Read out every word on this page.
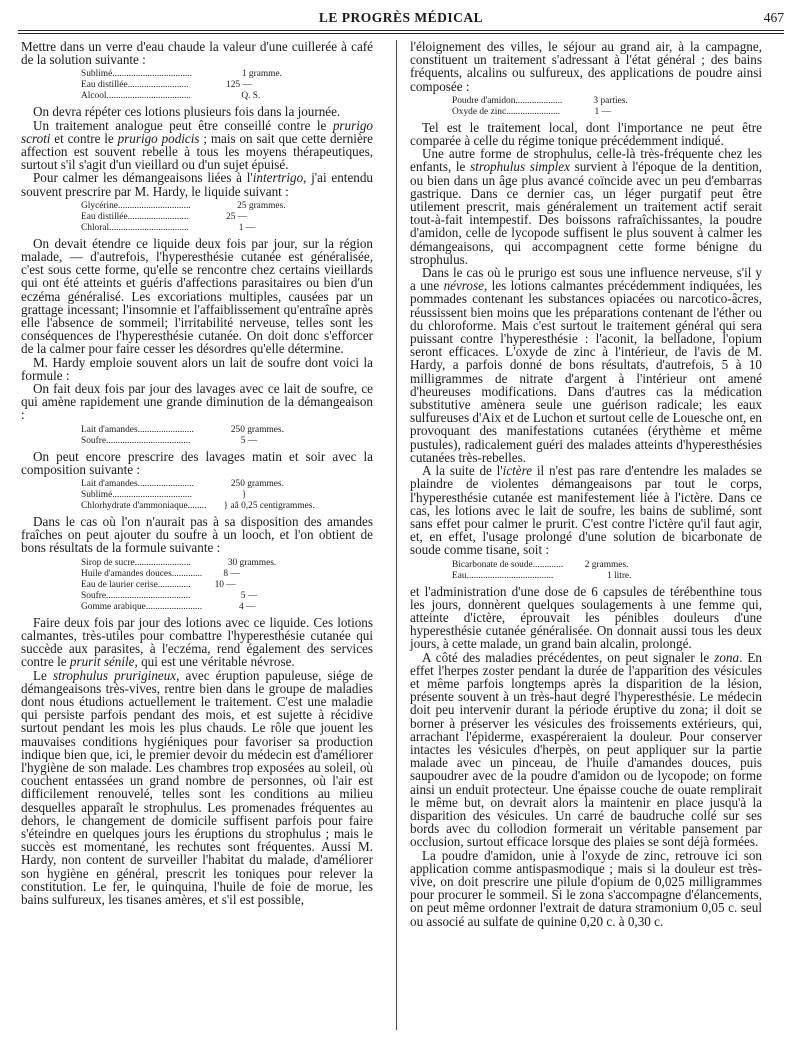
LE PROGRÈS MÉDICAL	467

Mettre dans un verre d'eau chaude la valeur d'une cuillerée à café de la solution suivante :

Sublimé ..................................	1 gramme.
Eau distillée ..........................	125 —
Alcool ....................................	Q. S.

On devra répéter ces lotions plusieurs fois dans la journée.

Un traitement analogue peut être conseillé contre le prurigo scroti et contre le prurigo podicis ; mais on sait que cette dernière affection est souvent rebelle à tous les moyens thérapeutiques, surtout s'il s'agit d'un vieillard ou d'un sujet épuisé.

Pour calmer les démangeaisons liées à l'intertrigo, j'ai entendu souvent prescrire par M. Hardy, le liquide suivant :

Glycérine ...............................	25 grammes.
Eau distillée ..........................	25 —
Chloral ..................................	1 —

On devait étendre ce liquide deux fois par jour, sur la région malade, — d'autrefois, l'hyperesthésie cutanée est généralisée, c'est sous cette forme, qu'elle se rencontre chez certains vieillards qui ont été atteints et guéris d'affections parasitaires ou bien d'un eczéma généralisé. Les excoriations multiples, causées par un grattage incessant; l'insomnie et l'affaiblissement qu'entraîne après elle l'absence de sommeil; l'irritabilité nerveuse, telles sont les conséquences de l'hyperesthésie cutanée. On doit donc s'efforcer de la calmer pour faire cesser les désordres qu'elle détermine.

M. Hardy emploie souvent alors un lait de soufre dont voici la formule :

On fait deux fois par jour des lavages avec ce lait de soufre, ce qui amène rapidement une grande diminution de la démangeaison :

Lait d'amandes ........................	250 grammes.
Soufre ....................................	5 —

On peut encore prescrire des lavages matin et soir avec la composition suivante :

Lait d'amandes ........................	250 grammes.
Sublimé ..................................	}
Chlorhydrate d'ammoniaque ........	} aâ 0,25 centigrammes.

Dans le cas où l'on n'aurait pas à sa disposition des amandes fraîches on peut ajouter du soufre à un looch, et l'on obtient de bons résultats de la formule suivante :

Sirop de sucre ........................	30 grammes.
Huile d'amandes douces .............	8 —
Eau de laurier cerise ..............	10 —
Soufre ....................................	5 —
Gomme arabique ........................	4 —

Faire deux fois par jour des lotions avec ce liquide. Ces lotions calmantes, très-utiles pour combattre l'hyperesthésie cutanée qui succède aux parasites, à l'eczéma, rend également des services contre le prurit sénile, qui est une véritable névrose.

Le strophulus prurigineux, avec éruption papuleuse, siége de démangeaisons très-vives, rentre bien dans le groupe de maladies dont nous étudions actuellement le traitement. C'est une maladie qui persiste parfois pendant des mois, et est sujette à récidive surtout pendant les mois les plus chauds. Le rôle que jouent les mauvaises conditions hygiéniques pour favoriser sa production indique bien que, ici, le premier devoir du médecin est d'améliorer l'hygiène de son malade. Les chambres trop exposées au soleil, où couchent entassées un grand nombre de personnes, où l'air est difficilement renouvelé, telles sont les conditions au milieu desquelles apparaît le strophulus. Les promenades fréquentes au dehors, le changement de domicile suffisent parfois pour faire s'éteindre en quelques jours les éruptions du strophulus ; mais le succès est momentané, les rechutes sont fréquentes. Aussi M. Hardy, non content de surveiller l'habitat du malade, d'améliorer son hygiène en général, prescrit les toniques pour relever la constitution. Le fer, le quinquina, l'huile de foie de morue, les bains sulfureux, les tisanes amères, et s'il est possible,

l'éloignement des villes, le séjour au grand air, à la campagne, constituent un traitement s'adressant à l'état général ; des bains fréquents, alcalins ou sulfureux, des applications de poudre ainsi composée :

Poudre d'amidon ....................	3 parties.
Oxyde de zinc .......................	1 —

Tel est le traitement local, dont l'importance ne peut être comparée à celle du régime tonique précédemment indiqué.

Une autre forme de strophulus, celle-là très-fréquente chez les enfants, le strophulus simplex survient à l'époque de la dentition, ou bien dans un âge plus avancé coïncide avec un peu d'embarras gastrique. Dans ce dernier cas, un léger purgatif peut être utilement prescrit, mais généralement un traitement actif serait tout-à-fait intempestif. Des boissons rafraîchissantes, la poudre d'amidon, celle de lycopode suffisent le plus souvent à calmer les démangeaisons, qui accompagnent cette forme bénigne du strophulus.

Dans le cas où le prurigo est sous une influence nerveuse, s'il y a une névrose, les lotions calmantes précédemment indiquées, les pommades contenant les substances opiacées ou narcotico-âcres, réussissent bien moins que les préparations contenant de l'éther ou du chloroforme. Mais c'est surtout le traitement général qui sera puissant contre l'hyperesthésie : l'aconit, la belladone, l'opium seront efficaces. L'oxyde de zinc à l'intérieur, de l'avis de M. Hardy, a parfois donné de bons résultats, d'autrefois, 5 à 10 milligrammes de nitrate d'argent à l'intérieur ont amené d'heureuses modifications. Dans d'autres cas la médication substitutive amènera seule une guérison radicale; les eaux sulfureuses d'Aix et de Luchon et surtout celle de Louesche ont, en provoquant des manifestations cutanées (érythème et même pustules), radicalement guéri des malades atteints d'hyperesthésies cutanées très-rebelles.

A la suite de l'ictère il n'est pas rare d'entendre les malades se plaindre de violentes démangeaisons par tout le corps, l'hyperesthésie cutanée est manifestement liée à l'ictère. Dans ce cas, les lotions avec le lait de soufre, les bains de sublimé, sont sans effet pour calmer le prurit. C'est contre l'ictère qu'il faut agir, et, en effet, l'usage prolongé d'une solution de bicarbonate de soude comme tisane, soit :

Bicarbonate de soude .............	2 grammes.
Eau .....................................	1 litre.

et l'administration d'une dose de 6 capsules de térébenthine tous les jours, donnèrent quelques soulagements à une femme qui, atteinte d'ictère, éprouvait les pénibles douleurs d'une hyperesthésie cutanée généralisée. On donnait aussi tous les deux jours, à cette malade, un grand bain alcalin, prolongé.

A côté des maladies précédentes, on peut signaler le zona. En effet l'herpes zoster pendant la durée de l'apparition des vésicules et même parfois longtemps après la disparition de la lésion, présente souvent à un très-haut degré l'hyperesthésie. Le médecin doit peu intervenir durant la période éruptive du zona; il doit se borner à préserver les vésicules des froissements extérieurs, qui, arrachant l'épiderme, exaspéreraient la douleur. Pour conserver intactes les vésicules d'herpès, on peut appliquer sur la partie malade avec un pinceau, de l'huile d'amandes douces, puis saupoudrer avec de la poudre d'amidon ou de lycopode; on forme ainsi un enduit protecteur. Une épaisse couche de ouate remplirait le même but, on devrait alors la maintenir en place jusqu'à la disparition des vésicules. Un carré de baudruche collé sur ses bords avec du collodion formerait un véritable pansement par occlusion, surtout efficace lorsque des plaies se sont déjà formées.

La poudre d'amidon, unie à l'oxyde de zinc, retrouve ici son application comme antispasmodique ; mais si la douleur est très-vive, on doit prescrire une pilule d'opium de 0,025 milligrammes pour procurer le sommeil. Si le zona s'accompagne d'élancements, on peut même ordonner l'extrait de datura stramonium 0,05 c. seul ou associé au sulfate de quinine 0,20 c. à 0,30 c.
